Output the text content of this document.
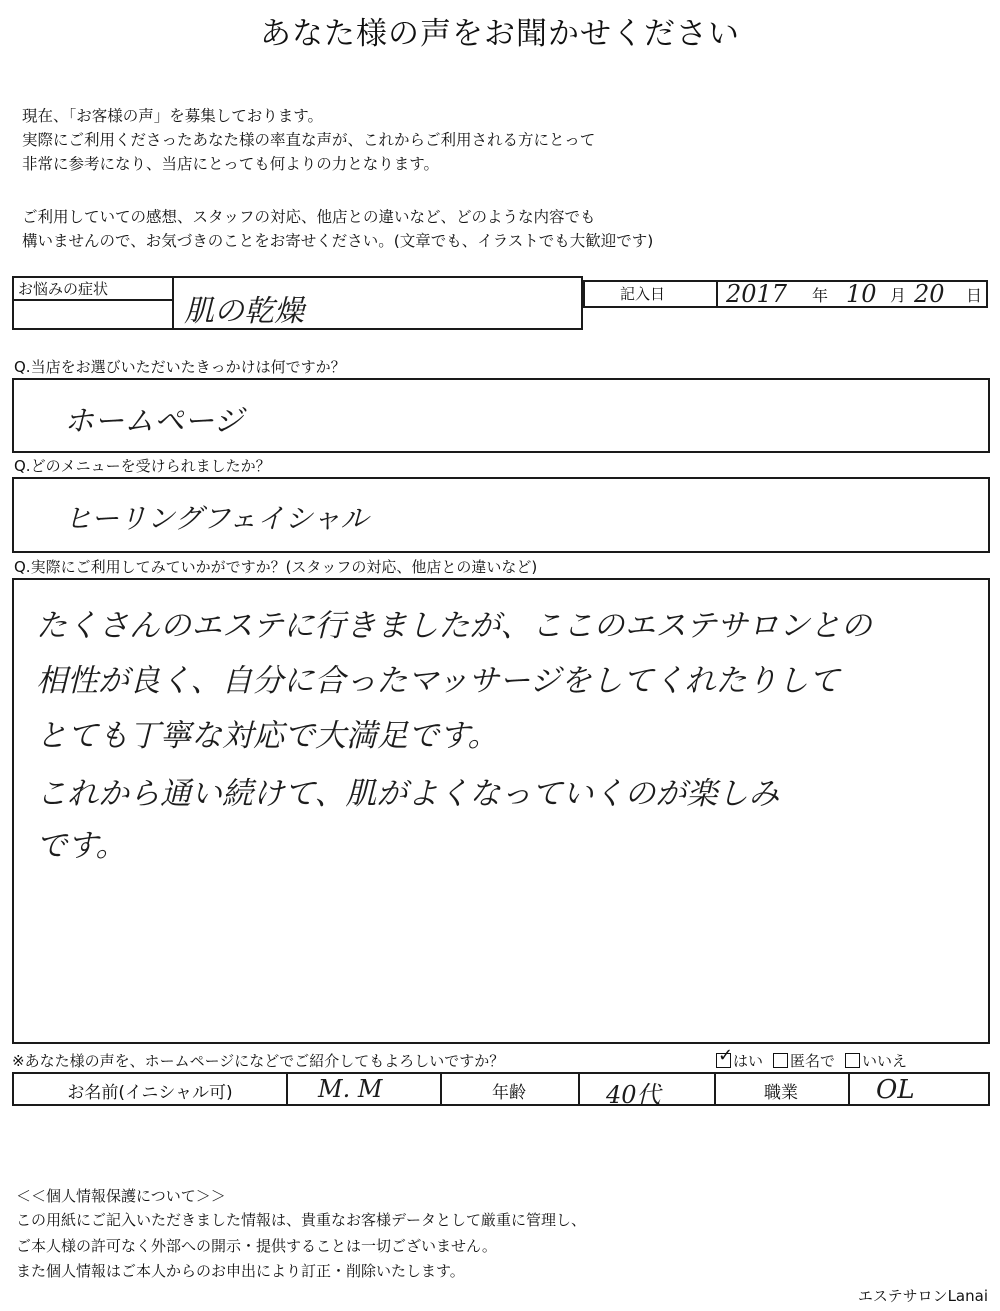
あなた様の声をお聞かせください
現在、「お客様の声」を募集しております。
実際にご利用くださったあなた様の率直な声が、これからご利用される方にとって
非常に参考になり、当店にとっても何よりの力となります。
ご利用していての感想、スタッフの対応、他店との違いなど、どのような内容でも
構いませんので、お気づきのことをお寄せください。(文章でも、イラストでも大歓迎です)
お悩みの症状
肌の乾燥	記入日	2017 年 10 月 20 日
Q.当店をお選びいただいたきっかけは何ですか？
ホームページ
Q.どのメニューを受けられましたか？
ヒーリングフェイシャル
Q.実際にご利用してみていかがですか？(スタッフの対応、他店との違いなど)
たくさんのエステに行きましたが、ここのエステサロンとの
相性が良く、自分に合ったマッサージをしてくれたりして
とても丁寧な対応で大満足です。
これから通い続けて、肌がよくなっていくのが楽しみ
です。
※あなた様の声を、ホームページになどでご紹介してもよろしいですか？	✓ はい 匿名で いいえ
お名前(イニシャル可)	M. M	年齢	40代	職業	OL
＜＜個人情報保護について＞＞
この用紙にご記入いただきました情報は、貴重なお客様データとして厳重に管理し、
ご本人様の許可なく外部への開示・提供することは一切ございません。
また個人情報はご本人からのお申出により訂正・削除いたします。
エステサロンLanai
